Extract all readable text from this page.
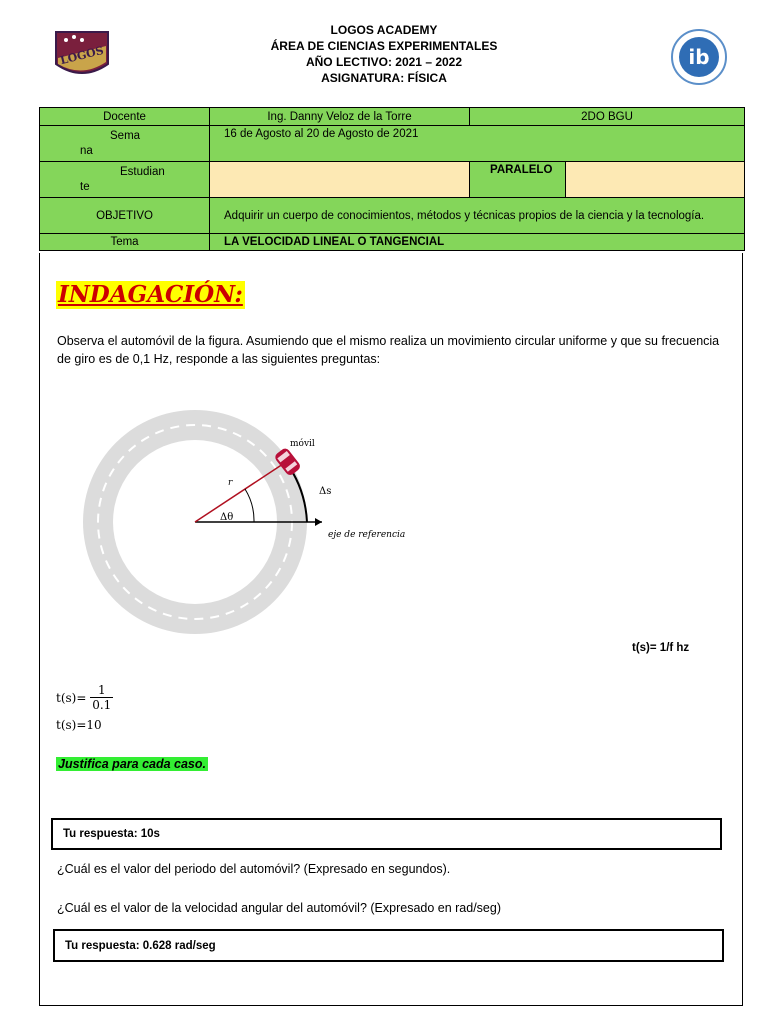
LOGOS	ib
LOGOS ACADEMY
ÁREA DE CIENCIAS EXPERIMENTALES
AÑO LECTIVO: 2021 – 2022
ASIGNATURA: FÍSICA
Docente	Ing. Danny Veloz de la Torre	2DO BGU	

Sema
na	16 de Agosto al 20 de Agosto de 2021		

Estudian
te		PARALELO	
OBJETIVO	Adquirir un cuerpo de conocimientos, métodos y técnicas propios de la ciencia y la tecnología.		
Tema	LA VELOCIDAD LINEAL O TANGENCIAL		
INDAGACIÓN:
Observa el automóvil de la figura. Asumiendo que el mismo realiza un movimiento circular uniforme y que su frecuencia de giro es de 0,1 Hz, responde a las siguientes preguntas:
móvil
r
Δs
Δθ
eje de referencia
t(s)= 1/f hz
$t(s)= \frac{1}{0.1}$
t(s)=10
Justifica para cada caso.
Tu respuesta: 10s
¿Cuál es el valor del periodo del automóvil? (Expresado en segundos).
¿Cuál es el valor de la velocidad angular del automóvil? (Expresado en rad/seg)
Tu respuesta: 0.628 rad/seg
